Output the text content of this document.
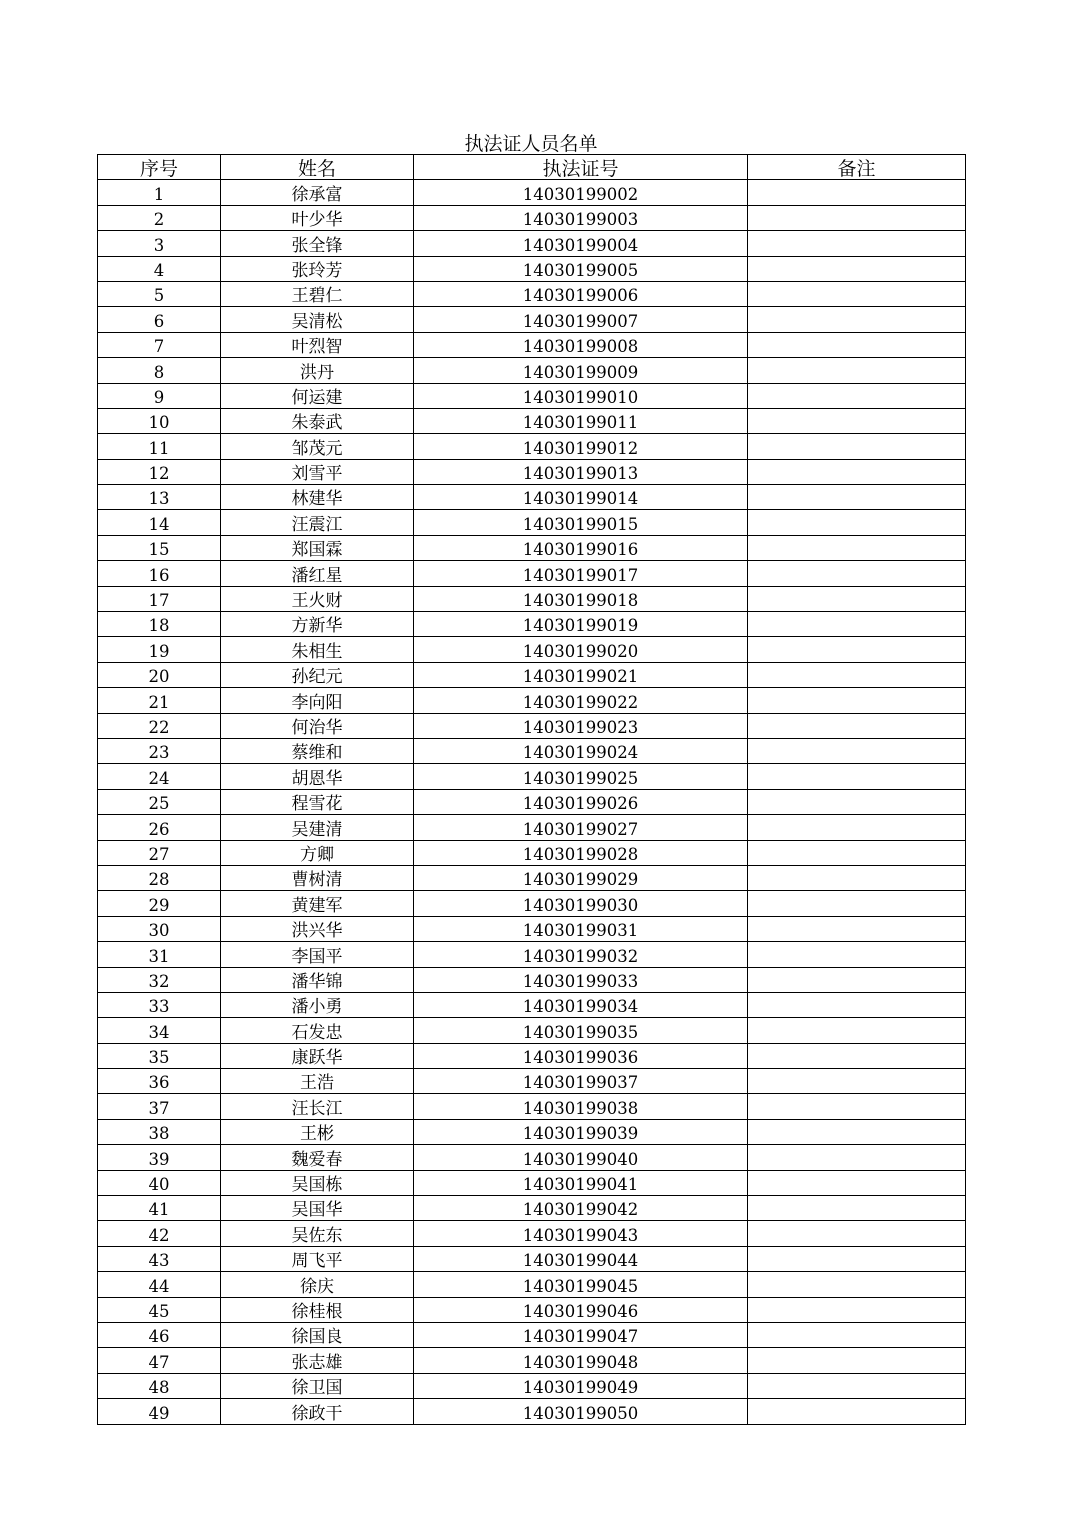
执法证人员名单
序号	姓名	执法证号	备注
1	徐承富	14030199002	
2	叶少华	14030199003	
3	张全锋	14030199004	
4	张玲芳	14030199005	
5	王碧仁	14030199006	
6	吴清松	14030199007	
7	叶烈智	14030199008	
8	洪丹	14030199009	
9	何运建	14030199010	
10	朱泰武	14030199011	
11	邹茂元	14030199012	
12	刘雪平	14030199013	
13	林建华	14030199014	
14	汪震江	14030199015	
15	郑国霖	14030199016	
16	潘红星	14030199017	
17	王火财	14030199018	
18	方新华	14030199019	
19	朱相生	14030199020	
20	孙纪元	14030199021	
21	李向阳	14030199022	
22	何治华	14030199023	
23	蔡维和	14030199024	
24	胡恩华	14030199025	
25	程雪花	14030199026	
26	吴建清	14030199027	
27	方卿	14030199028	
28	曹树清	14030199029	
29	黄建军	14030199030	
30	洪兴华	14030199031	
31	李国平	14030199032	
32	潘华锦	14030199033	
33	潘小勇	14030199034	
34	石发忠	14030199035	
35	康跃华	14030199036	
36	王浩	14030199037	
37	汪长江	14030199038	
38	王彬	14030199039	
39	魏爱春	14030199040	
40	吴国栋	14030199041	
41	吴国华	14030199042	
42	吴佐东	14030199043	
43	周飞平	14030199044	
44	徐庆	14030199045	
45	徐桂根	14030199046	
46	徐国良	14030199047	
47	张志雄	14030199048	
48	徐卫国	14030199049	
49	徐政干	14030199050	
